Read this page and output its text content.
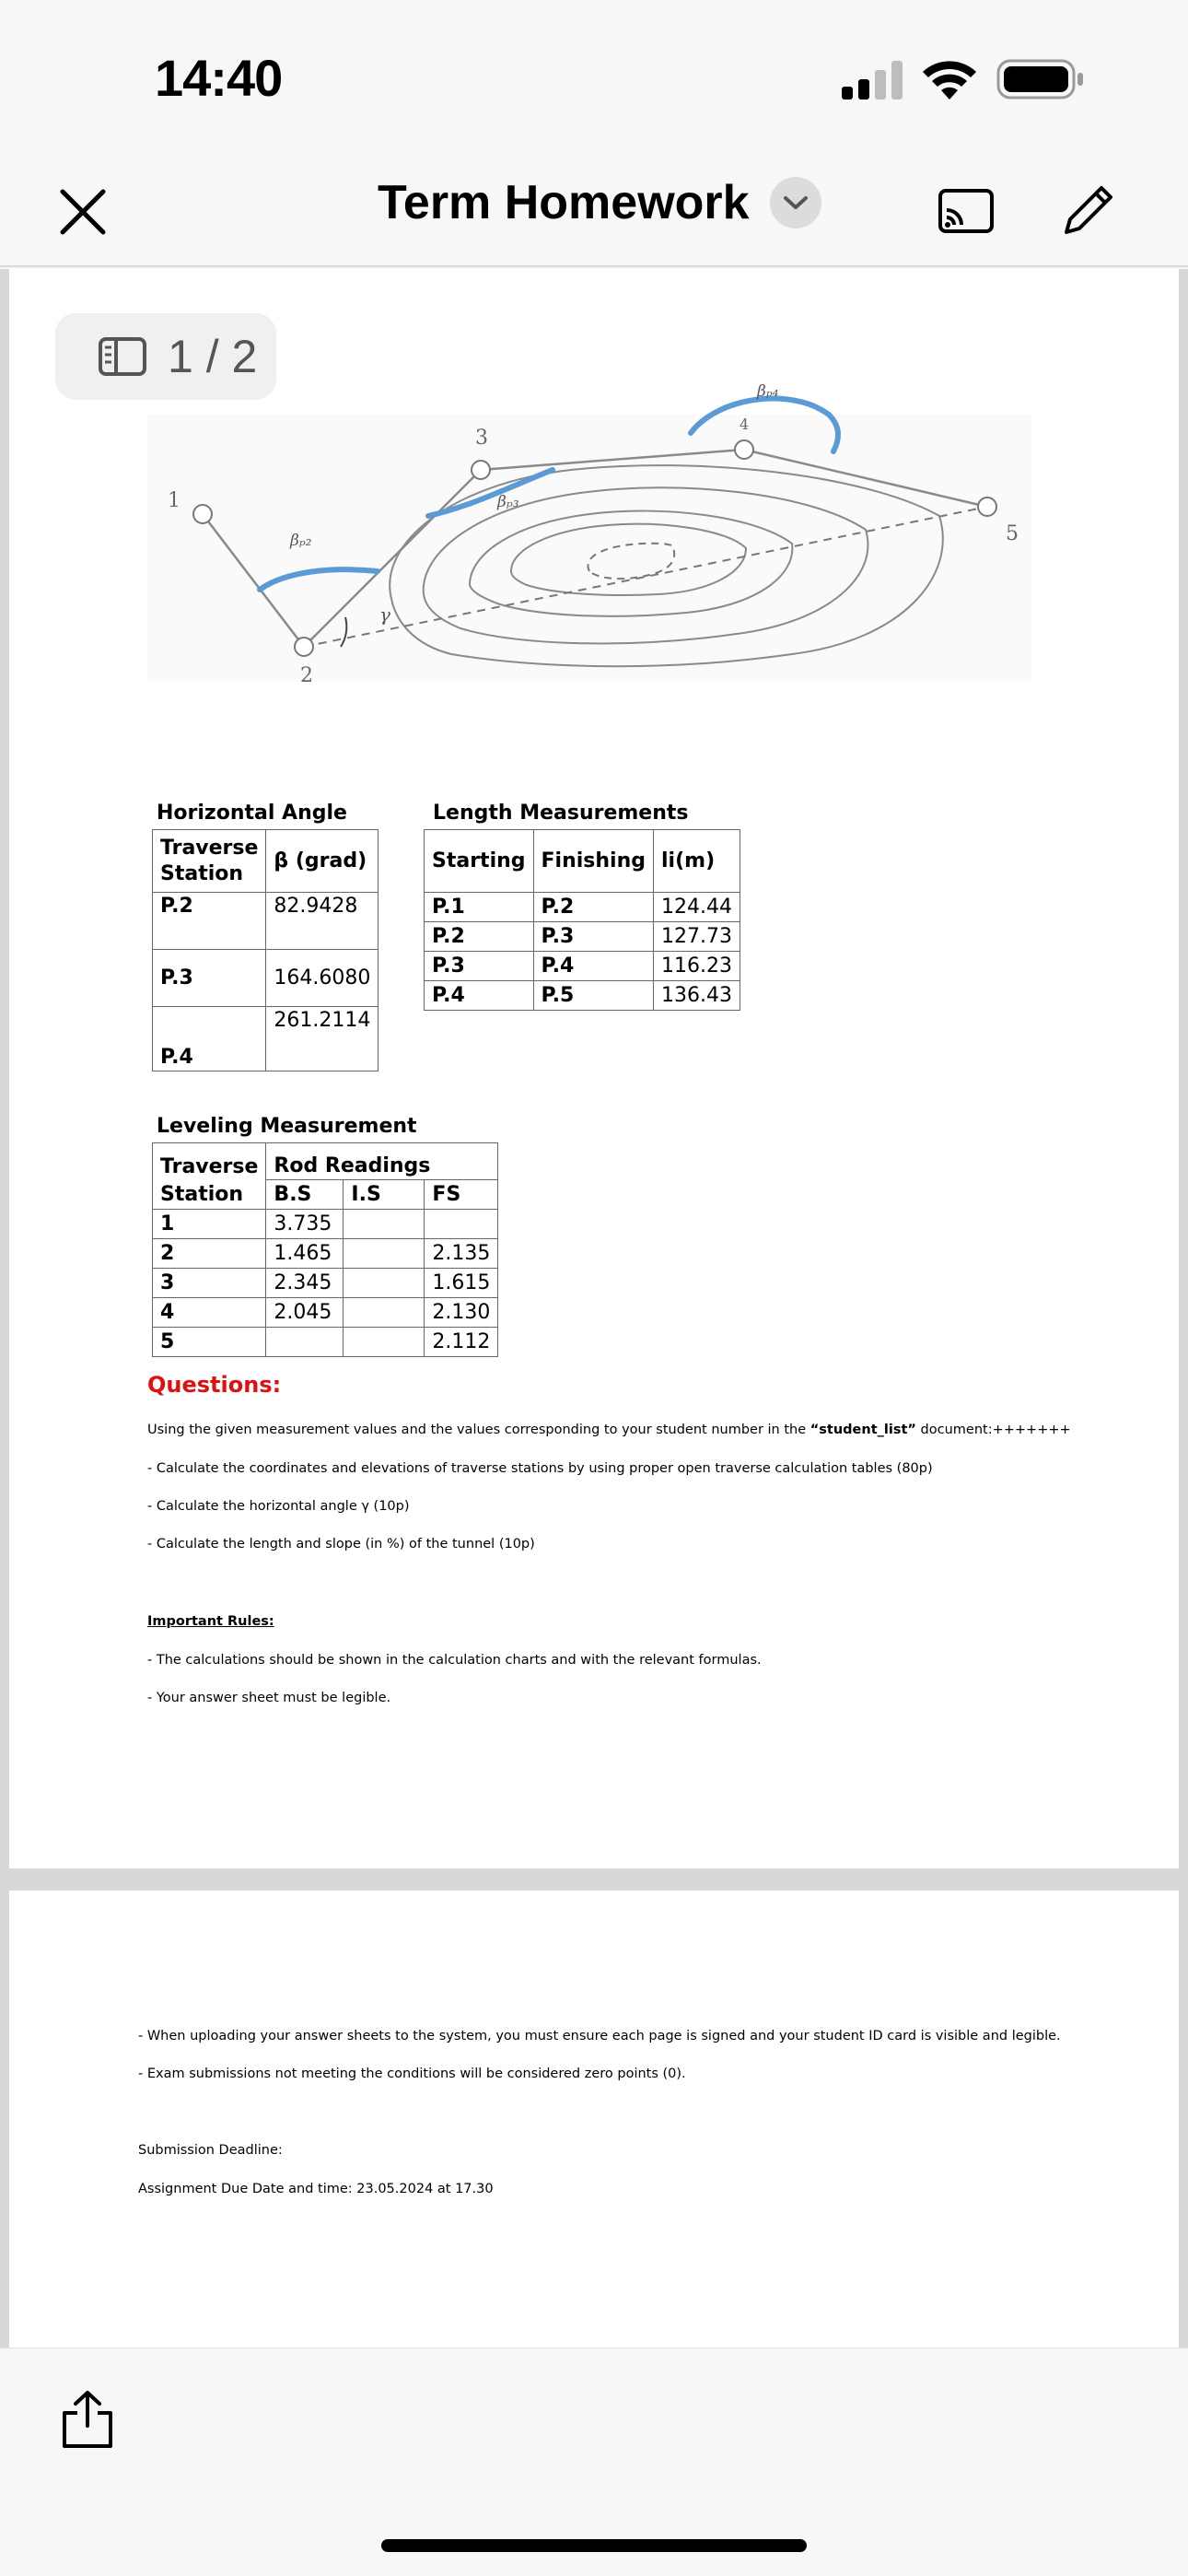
14:40
Term Homework
1
2
3
4
5
βₚ₂
βₚ₃
βₚ₄
γ
Horizontal Angle
Traverse Station	β (grad)
P.2	82.9428
P.3	164.6080
P.4	261.2114
Length Measurements
Starting	Finishing	li(m)
P.1	P.2	124.44
P.2	P.3	127.73
P.3	P.4	116.23
P.4	P.5	136.43
Leveling Measurement
Traverse	Rod Readings		
Station	B.S	I.S	FS
1	3.735		
2	1.465		2.135
3	2.345		1.615
4	2.045		2.130
5			2.112
Questions:
Using the given measurement values and the values corresponding to your student number in the “student_list” document:+++++++
- Calculate the coordinates and elevations of traverse stations by using proper open traverse calculation tables (80p)
- Calculate the horizontal angle γ (10p)
- Calculate the length and slope (in %) of the tunnel (10p)
Important Rules:
- The calculations should be shown in the calculation charts and with the relevant formulas.
- Your answer sheet must be legible.
1 / 2
- When uploading your answer sheets to the system, you must ensure each page is signed and your student ID card is visible and legible.
- Exam submissions not meeting the conditions will be considered zero points (0).
Submission Deadline:
Assignment Due Date and time: 23.05.2024 at 17.30
